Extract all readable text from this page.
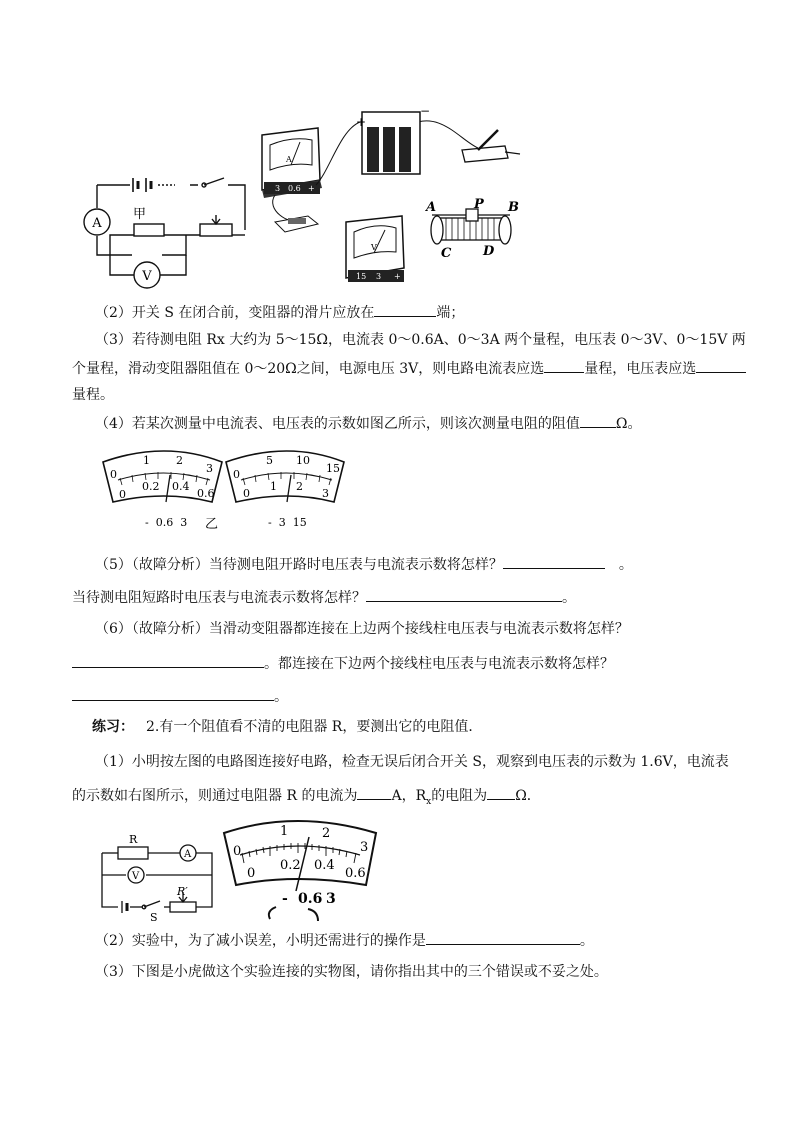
A
V
甲
A
3 0.6 +
+
−
V
15 3 +
A	P B
C D
（2）开关 S 在闭合前，变阻器的滑片应放在	端；
（3）若待测电阻 Rx 大约为 5～15Ω，电流表 0～0.6A、0～3A 两个量程，电压表 0～3V、0～15V 两
个量程，滑动变阻器阻值在 0～20Ω之间，电源电压 3V，则电路电流表应选	量程，电压表应选
量程。
（4）若某次测量中电流表、电压表的示数如图乙所示，则该次测量电阻的阻值	Ω。
0
1 2
3
0
0.2 0.4
0.6
-  0.6  3 乙
0
5 10
15
0
1 2
3
-  3  15
（5）（故障分析）当待测电阻开路时电压表与电流表示数将怎样？	。
当待测电阻短路时电压表与电流表示数将怎样？	。
（6）（故障分析）当滑动变阻器都连接在上边两个接线柱电压表与电流表示数将怎样？
。都连接在下边两个接线柱电压表与电流表示数将怎样？
。
练习： 2.有一个阻值看不清的电阻器 R，要测出它的电阻值．
（1）小明按左图的电路图连接好电路，检查无误后闭合开关 S，观察到电压表的示数为 1.6V，电流表
的示数如右图所示，则通过电阻器 R 的电流为 A，$R_x$的电阻为 Ω．
R
A
V
R′
S
0
1	2
3
0
0.2 0.4
0.6
- 0.6 3
（2）实验中，为了减小误差，小明还需进行的操作是	。
（3）下图是小虎做这个实验连接的实物图，请你指出其中的三个错误或不妥之处。
